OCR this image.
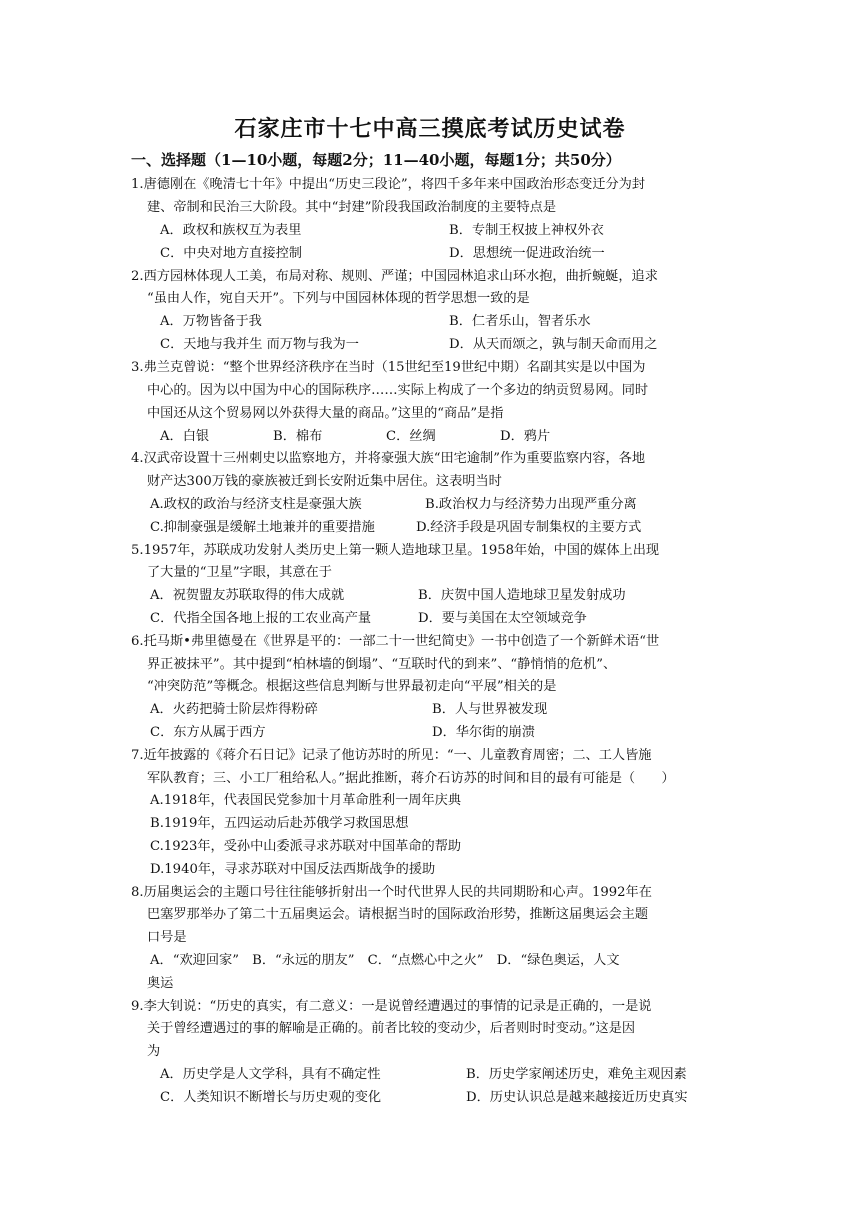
石家庄市十七中高三摸底考试历史试卷
一、选择题（1—10小题，每题2分；11—40小题，每题1分；共50分）
1.唐德刚在《晚清七十年》中提出“历史三段论”，将四千多年来中国政治形态变迁分为封
建、帝制和民治三大阶段。其中“封建”阶段我国政治制度的主要特点是
A．政权和族权互为表里	B．专制王权披上神权外衣
C．中央对地方直接控制	D．思想统一促进政治统一
2.西方园林体现人工美，布局对称、规则、严谨；中国园林追求山环水抱，曲折蜿蜒，追求
“虽由人作，宛自天开”。下列与中国园林体现的哲学思想一致的是
A．万物皆备于我	B．仁者乐山，智者乐水
C．天地与我并生 而万物与我为一	D．从天而颂之，孰与制天命而用之
3.弗兰克曾说：“整个世界经济秩序在当时（15世纪至19世纪中期）名副其实是以中国为
中心的。因为以中国为中心的国际秩序……实际上构成了一个多边的纳贡贸易网。同时
中国还从这个贸易网以外获得大量的商品。”这里的“商品”是指
A．白银	B．棉布	C．丝绸	D．鸦片
4.汉武帝设置十三州刺史以监察地方，并将豪强大族“田宅逾制”作为重要监察内容，各地
财产达300万钱的豪族被迁到长安附近集中居住。这表明当时
A.政权的政治与经济支柱是豪强大族	B.政治权力与经济势力出现严重分离
C.抑制豪强是缓解土地兼并的重要措施	D.经济手段是巩固专制集权的主要方式
5.1957年，苏联成功发射人类历史上第一颗人造地球卫星。1958年始，中国的媒体上出现
了大量的“卫星”字眼，其意在于
A．祝贺盟友苏联取得的伟大成就	B．庆贺中国人造地球卫星发射成功
C．代指全国各地上报的工农业高产量	D．要与美国在太空领域竞争
6.托马斯•弗里德曼在《世界是平的：一部二十一世纪简史》一书中创造了一个新鲜术语“世
界正被抹平”。其中提到“柏林墙的倒塌”、“互联时代的到来”、“静悄悄的危机”、
“冲突防范”等概念。根据这些信息判断与世界最初走向“平展”相关的是
A．火药把骑士阶层炸得粉碎	B．人与世界被发现
C．东方从属于西方	D．华尔街的崩溃
7.近年披露的《蒋介石日记》记录了他访苏时的所见：“一、儿童教育周密；二、工人皆施
军队教育；三、小工厂租给私人。”据此推断，蒋介石访苏的时间和目的最有可能是（　　）
A.1918年，代表国民党参加十月革命胜利一周年庆典
B.1919年，五四运动后赴苏俄学习救国思想
C.1923年，受孙中山委派寻求苏联对中国革命的帮助
D.1940年，寻求苏联对中国反法西斯战争的援助
8.历届奥运会的主题口号往往能够折射出一个时代世界人民的共同期盼和心声。1992年在
巴塞罗那举办了第二十五届奥运会。请根据当时的国际政治形势，推断这届奥运会主题
口号是
A．“欢迎回家”　B．“永远的朋友”　C．“点燃心中之火”　D．“绿色奥运，人文
奥运
9.李大钊说：“历史的真实，有二意义：一是说曾经遭遇过的事情的记录是正确的，一是说
关于曾经遭遇过的事的解喻是正确的。前者比较的变动少，后者则时时变动。”这是因
为
A．历史学是人文学科，具有不确定性	B．历史学家阐述历史，难免主观因素
C．人类知识不断增长与历史观的变化	D．历史认识总是越来越接近历史真实
